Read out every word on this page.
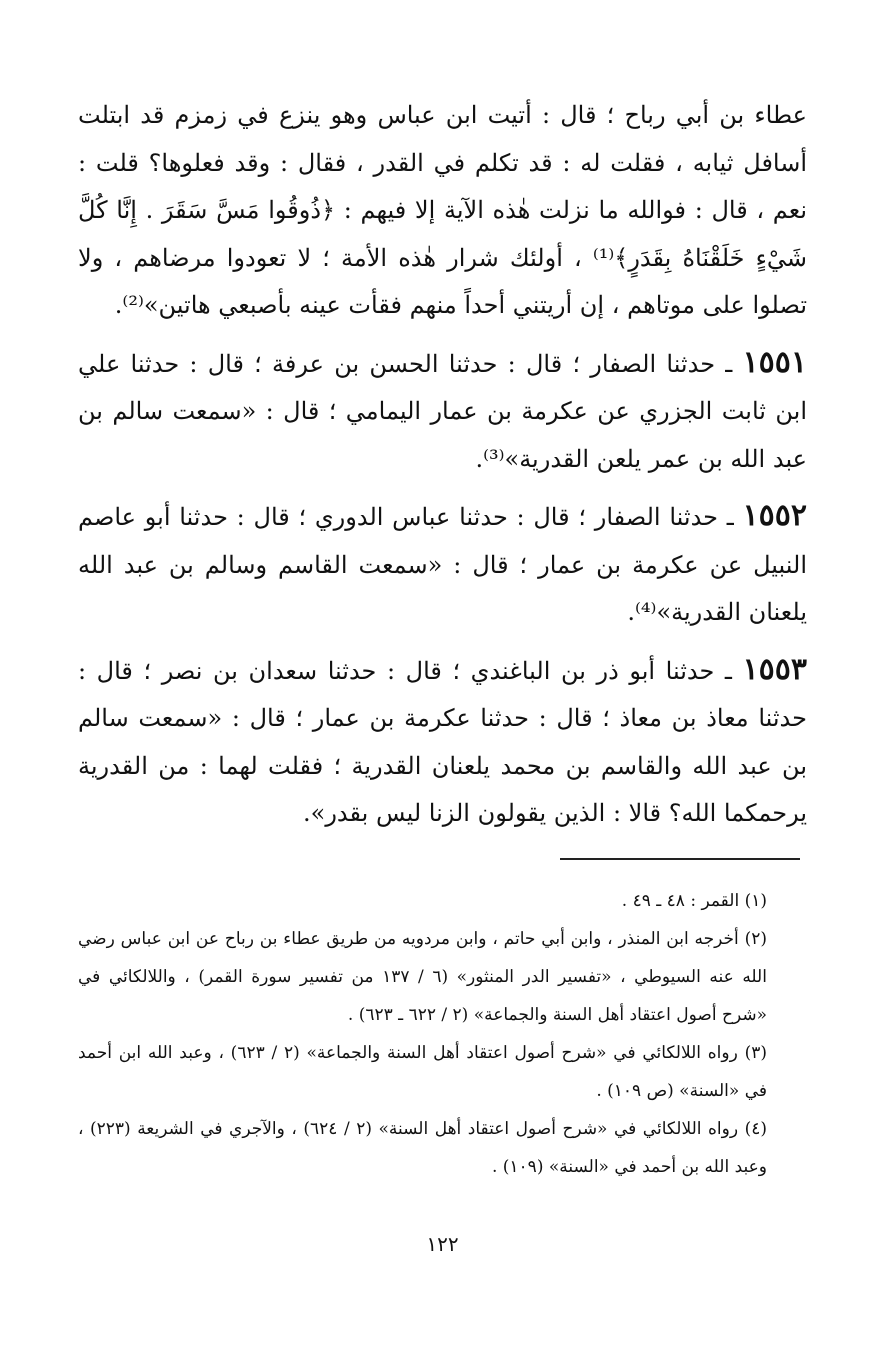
عطاء بن أبي رباح ؛ قال : أتيت ابن عباس وهو ينزع في زمزم قد ابتلت أسافل ثيابه ، فقلت له : قد تكلم في القدر ، فقال : وقد فعلوها؟ قلت : نعم ، قال : فوالله ما نزلت هٰذه الآية إلا فيهم : ﴿ذُوقُوا مَسَّ سَقَرَ . إِنَّا كُلَّ شَيْءٍ خَلَقْنَاهُ بِقَدَرٍ﴾⁽¹⁾ ، أولئك شرار هٰذه الأمة ؛ لا تعودوا مرضاهم ، ولا تصلوا على موتاهم ، إن أريتني أحداً منهم فقأت عينه بأصبعي هاتين»⁽²⁾.

١٥٥١ ـ حدثنا الصفار ؛ قال : حدثنا الحسن بن عرفة ؛ قال : حدثنا علي ابن ثابت الجزري عن عكرمة بن عمار اليمامي ؛ قال : «سمعت سالم بن عبد الله بن عمر يلعن القدرية»⁽³⁾.

١٥٥٢ ـ حدثنا الصفار ؛ قال : حدثنا عباس الدوري ؛ قال : حدثنا أبو عاصم النبيل عن عكرمة بن عمار ؛ قال : «سمعت القاسم وسالم بن عبد الله يلعنان القدرية»⁽⁴⁾.

١٥٥٣ ـ حدثنا أبو ذر بن الباغندي ؛ قال : حدثنا سعدان بن نصر ؛ قال : حدثنا معاذ بن معاذ ؛ قال : حدثنا عكرمة بن عمار ؛ قال : «سمعت سالم بن عبد الله والقاسم بن محمد يلعنان القدرية ؛ فقلت لهما : من القدرية يرحمكما الله؟ قالا : الذين يقولون الزنا ليس بقدر».

(١) القمر : ٤٨ ـ ٤٩ .

(٢) أخرجه ابن المنذر ، وابن أبي حاتم ، وابن مردويه من طريق عطاء بن رباح عن ابن عباس رضي الله عنه السيوطي ، «تفسير الدر المنثور» (٦ / ١٣٧ من تفسير سورة القمر) ، واللالكائي في «شرح أصول اعتقاد أهل السنة والجماعة» (٢ / ٦٢٢ ـ ٦٢٣) .

(٣) رواه اللالكائي في «شرح أصول اعتقاد أهل السنة والجماعة» (٢ / ٦٢٣) ، وعبد الله ابن أحمد في «السنة» (ص ١٠٩) .

(٤) رواه اللالكائي في «شرح أصول اعتقاد أهل السنة» (٢ / ٦٢٤) ، والآجري في الشريعة (٢٢٣) ، وعبد الله بن أحمد في «السنة» (١٠٩) .

١٢٢
